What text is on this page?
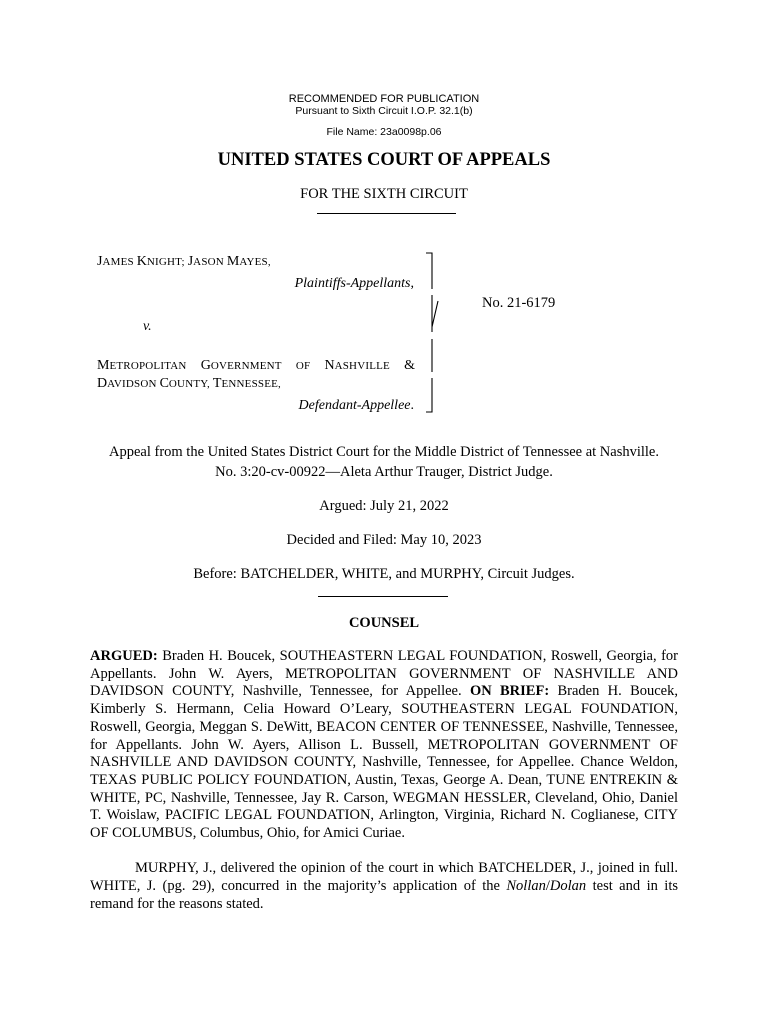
RECOMMENDED FOR PUBLICATION
Pursuant to Sixth Circuit I.O.P. 32.1(b)
File Name: 23a0098p.06
UNITED STATES COURT OF APPEALS
FOR THE SIXTH CIRCUIT
JAMES KNIGHT; JASON MAYES,
Plaintiffs-Appellants,
v.
METROPOLITAN GOVERNMENT OF NASHVILLE &
DAVIDSON COUNTY, TENNESSEE,
Defendant-Appellee.
No. 21-6179
Appeal from the United States District Court for the Middle District of Tennessee at Nashville.
No. 3:20-cv-00922—Aleta Arthur Trauger, District Judge.
Argued: July 21, 2022
Decided and Filed: May 10, 2023
Before: BATCHELDER, WHITE, and MURPHY, Circuit Judges.
COUNSEL
ARGUED: Braden H. Boucek, SOUTHEASTERN LEGAL FOUNDATION, Roswell, Georgia, for Appellants. John W. Ayers, METROPOLITAN GOVERNMENT OF NASHVILLE AND DAVIDSON COUNTY, Nashville, Tennessee, for Appellee. ON BRIEF: Braden H. Boucek, Kimberly S. Hermann, Celia Howard O’Leary, SOUTHEASTERN LEGAL FOUNDATION, Roswell, Georgia, Meggan S. DeWitt, BEACON CENTER OF TENNESSEE, Nashville, Tennessee, for Appellants. John W. Ayers, Allison L. Bussell, METROPOLITAN GOVERNMENT OF NASHVILLE AND DAVIDSON COUNTY, Nashville, Tennessee, for Appellee. Chance Weldon, TEXAS PUBLIC POLICY FOUNDATION, Austin, Texas, George A. Dean, TUNE ENTREKIN & WHITE, PC, Nashville, Tennessee, Jay R. Carson, WEGMAN HESSLER, Cleveland, Ohio, Daniel T. Woislaw, PACIFIC LEGAL FOUNDATION, Arlington, Virginia, Richard N. Coglianese, CITY OF COLUMBUS, Columbus, Ohio, for Amici Curiae.
MURPHY, J., delivered the opinion of the court in which BATCHELDER, J., joined in full. WHITE, J. (pg. 29), concurred in the majority’s application of the Nollan/Dolan test and in its remand for the reasons stated.
